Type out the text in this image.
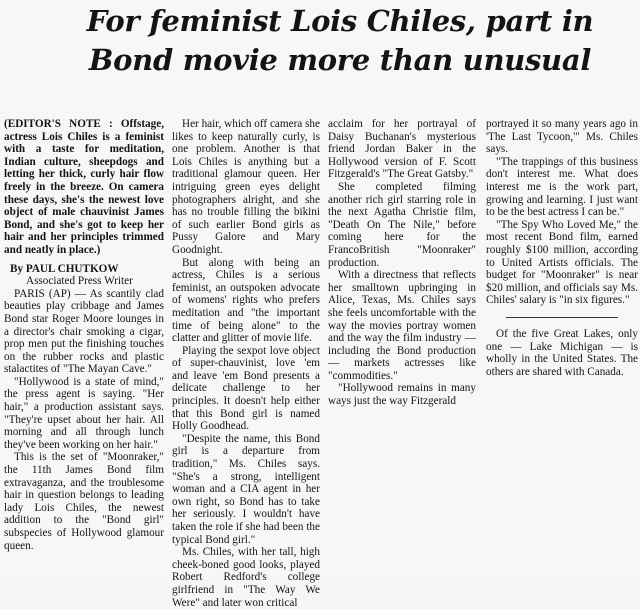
For feminist Lois Chiles, part in
Bond movie more than unusual

(EDITOR'S NOTE : Offstage, actress Lois Chiles is a feminist with a taste for meditation, Indian culture, sheepdogs and letting her thick, curly hair flow freely in the breeze. On camera these days, she's the newest love object of male chauvinist James Bond, and she's got to keep her hair and her principles trimmed and neatly in place.)

By PAUL CHUTKOW

Associated Press Writer

PARIS (AP) — As scantily clad beauties play cribbage and James Bond star Roger Moore lounges in a director's chair smoking a cigar, prop men put the finishing touches on the rubber rocks and plastic stalactites of "The Mayan Cave."

"Hollywood is a state of mind," the press agent is saying. "Her hair," a production assistant says. "They're upset about her hair. All morning and all through lunch they've been working on her hair."

This is the set of "Moonraker," the 11th James Bond film extravaganza, and the troublesome hair in question belongs to leading lady Lois Chiles, the newest addition to the "Bond girl" subspecies of Hollywood glamour queen.

Her hair, which off camera she likes to keep naturally curly, is one problem. Another is that Lois Chiles is anything but a traditional glamour queen. Her intriguing green eyes delight photographers alright, and she has no trouble filling the bikini of such earlier Bond girls as Pussy Galore and Mary Goodnight.

But along with being an actress, Chiles is a serious feminist, an outspoken advocate of womens' rights who prefers meditation and "the important time of being alone" to the clatter and glitter of movie life.

Playing the sexpot love object of super-chauvinist, love 'em and leave 'em Bond presents a delicate challenge to her principles. It doesn't help either that this Bond girl is named Holly Goodhead.

"Despite the name, this Bond girl is a departure from tradition," Ms. Chiles says. "She's a strong, intelligent woman and a CIA agent in her own right, so Bond has to take her seriously. I wouldn't have taken the role if she had been the typical Bond girl."

Ms. Chiles, with her tall, high cheek-boned good looks, played Robert Redford's college girlfriend in "The Way We Were" and later won critical

acclaim for her portrayal of Daisy Buchanan's mysterious friend Jordan Baker in the Hollywood version of F. Scott Fitzgerald's "The Great Gatsby."

She completed filming another rich girl starring role in the next Agatha Christie film, "Death On The Nile," before coming here for the FrancoBritish "Moonraker" production.

With a directness that reflects her smalltown upbringing in Alice, Texas, Ms. Chiles says she feels uncomfortable with the way the movies portray women and the way the film industry — including the Bond production — markets actresses like "commodities."

"Hollywood remains in many ways just the way Fitzgerald

portrayed it so many years ago in 'The Last Tycoon,'" Ms. Chiles says.

"The trappings of this business don't interest me. What does interest me is the work part, growing and learning. I just want to be the best actress I can be."

"The Spy Who Loved Me," the most recent Bond film, earned roughly $100 million, according to United Artists officials. The budget for "Moonraker" is near $20 million, and officials say Ms. Chiles' salary is "in six figures."

Of the five Great Lakes, only one — Lake Michigan — is wholly in the United States. The others are shared with Canada.
